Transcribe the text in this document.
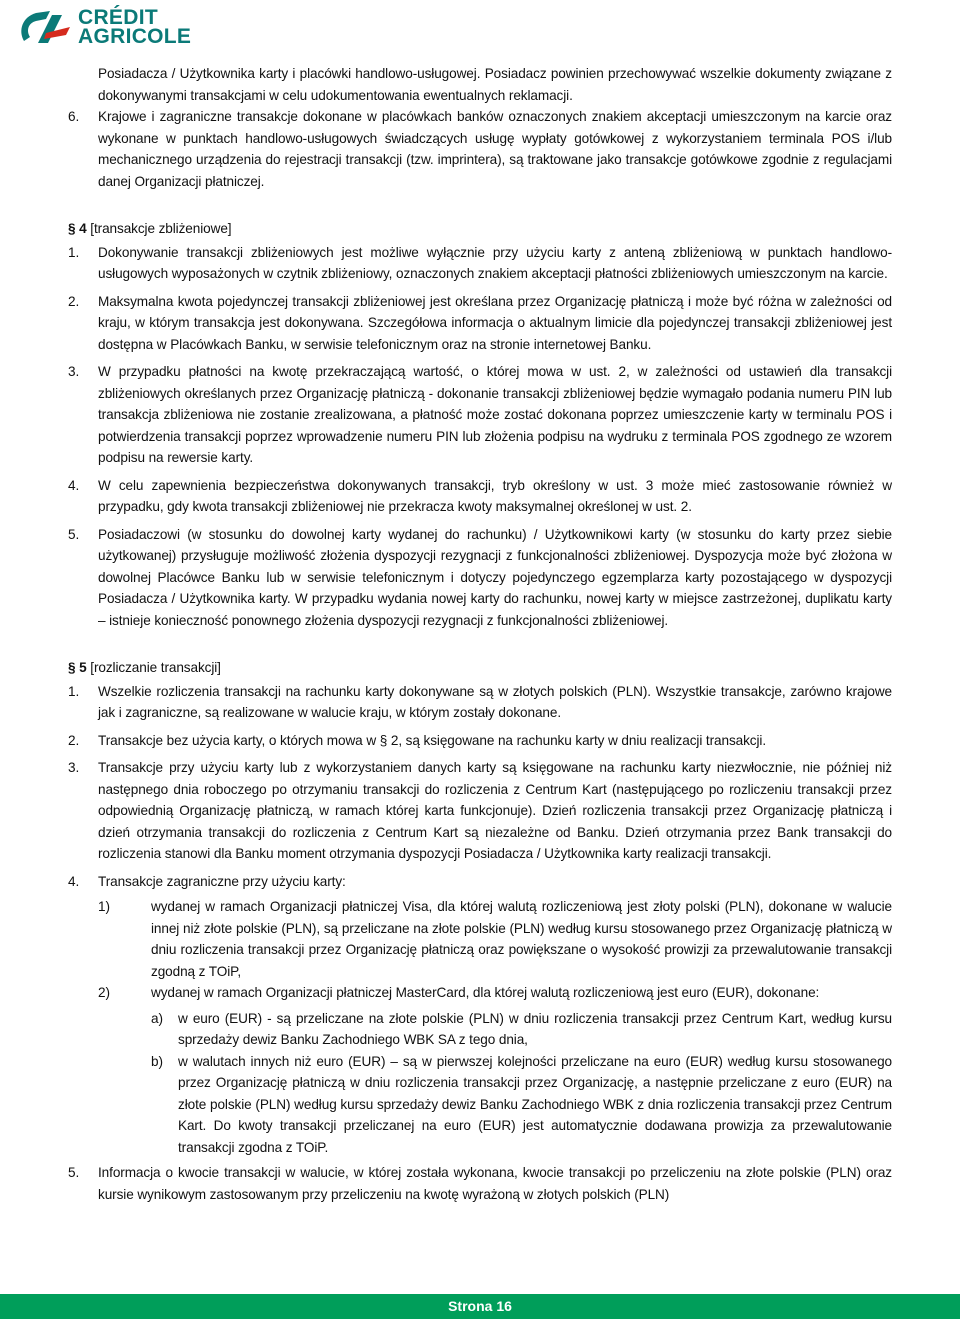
CRÉDIT
AGRICOLE

Posiadacza / Użytkownika karty i placówki handlowo-usługowej. Posiadacz powinien przechowywać wszelkie dokumenty związane z dokonywanymi transakcjami w celu udokumentowania ewentualnych reklamacji.

6.	Krajowe i zagraniczne transakcje dokonane w placówkach banków oznaczonych znakiem akceptacji umieszczonym na karcie oraz wykonane w punktach handlowo-usługowych świadczących usługę wypłaty gotówkowej z wykorzystaniem terminala POS i/lub mechanicznego urządzenia do rejestracji transakcji (tzw. imprintera), są traktowane jako transakcje gotówkowe zgodnie z regulacjami danej Organizacji płatniczej.
§ 4 [transakcje zbliżeniowe]
1.	Dokonywanie transakcji zbliżeniowych jest możliwe wyłącznie przy użyciu karty z anteną zbliżeniową w punktach handlowo-usługowych wyposażonych w czytnik zbliżeniowy, oznaczonych znakiem akceptacji płatności zbliżeniowych umieszczonym na karcie.
2.	Maksymalna kwota pojedynczej transakcji zbliżeniowej jest określana przez Organizację płatniczą i może być różna w zależności od kraju, w którym transakcja jest dokonywana. Szczegółowa informacja o aktualnym limicie dla pojedynczej transakcji zbliżeniowej jest dostępna w Placówkach Banku, w serwisie telefonicznym oraz na stronie internetowej Banku.
3.	W przypadku płatności na kwotę przekraczającą wartość, o której mowa w ust. 2, w zależności od ustawień dla transakcji zbliżeniowych określanych przez Organizację płatniczą - dokonanie transakcji zbliżeniowej będzie wymagało podania numeru PIN lub transakcja zbliżeniowa nie zostanie zrealizowana, a płatność może zostać dokonana poprzez umieszczenie karty w terminalu POS i potwierdzenia transakcji poprzez wprowadzenie numeru PIN lub złożenia podpisu na wydruku z terminala POS zgodnego ze wzorem podpisu na rewersie karty.
4.	W celu zapewnienia bezpieczeństwa dokonywanych transakcji, tryb określony w ust. 3 może mieć zastosowanie również w przypadku, gdy kwota transakcji zbliżeniowej nie przekracza kwoty maksymalnej określonej w ust. 2.
5.	Posiadaczowi (w stosunku do dowolnej karty wydanej do rachunku) / Użytkownikowi karty (w stosunku do karty przez siebie użytkowanej) przysługuje możliwość złożenia dyspozycji rezygnacji z funkcjonalności zbliżeniowej. Dyspozycja może być złożona w dowolnej Placówce Banku lub w serwisie telefonicznym i dotyczy pojedynczego egzemplarza karty pozostającego w dyspozycji Posiadacza / Użytkownika karty. W przypadku wydania nowej karty do rachunku, nowej karty w miejsce zastrzeżonej, duplikatu karty – istnieje konieczność ponownego złożenia dyspozycji rezygnacji z funkcjonalności zbliżeniowej.
§ 5 [rozliczanie transakcji]
1.	Wszelkie rozliczenia transakcji na rachunku karty dokonywane są w złotych polskich (PLN). Wszystkie transakcje, zarówno krajowe jak i zagraniczne, są realizowane w walucie kraju, w którym zostały dokonane.
2.	Transakcje bez użycia karty, o których mowa w § 2, są księgowane na rachunku karty w dniu realizacji transakcji.
3.	Transakcje przy użyciu karty lub z wykorzystaniem danych karty są księgowane na rachunku karty niezwłocznie, nie później niż następnego dnia roboczego po otrzymaniu transakcji do rozliczenia z Centrum Kart (następującego po rozliczeniu transakcji przez odpowiednią Organizację płatniczą, w ramach której karta funkcjonuje). Dzień rozliczenia transakcji przez Organizację płatniczą i dzień otrzymania transakcji do rozliczenia z Centrum Kart są niezależne od Banku. Dzień otrzymania przez Bank transakcji do rozliczenia stanowi dla Banku moment otrzymania dyspozycji Posiadacza / Użytkownika karty realizacji transakcji.
4.	Transakcje zagraniczne przy użyciu karty:
1)	wydanej w ramach Organizacji płatniczej Visa, dla której walutą rozliczeniową jest złoty polski (PLN), dokonane w walucie innej niż złote polskie (PLN), są przeliczane na złote polskie (PLN) według kursu stosowanego przez Organizację płatniczą w dniu rozliczenia transakcji przez Organizację płatniczą oraz powiększane o wysokość prowizji za przewalutowanie transakcji zgodną z TOiP,
2)	wydanej w ramach Organizacji płatniczej MasterCard, dla której walutą rozliczeniową jest euro (EUR), dokonane:
a)	w euro (EUR) - są przeliczane na złote polskie (PLN) w dniu rozliczenia transakcji przez Centrum Kart, według kursu sprzedaży dewiz Banku Zachodniego WBK SA z tego dnia,
b)	w walutach innych niż euro (EUR) – są w pierwszej kolejności przeliczane na euro (EUR) według kursu stosowanego przez Organizację płatniczą w dniu rozliczenia transakcji przez Organizację, a następnie przeliczane z euro (EUR) na złote polskie (PLN) według kursu sprzedaży dewiz Banku Zachodniego WBK z dnia rozliczenia transakcji przez Centrum Kart. Do kwoty transakcji przeliczanej na euro (EUR) jest automatycznie dodawana prowizja za przewalutowanie transakcji zgodna z TOiP.
5.	Informacja o kwocie transakcji w walucie, w której została wykonana, kwocie transakcji po przeliczeniu na złote polskie (PLN) oraz kursie wynikowym zastosowanym przy przeliczeniu na kwotę wyrażoną w złotych polskich (PLN)
Strona 16
